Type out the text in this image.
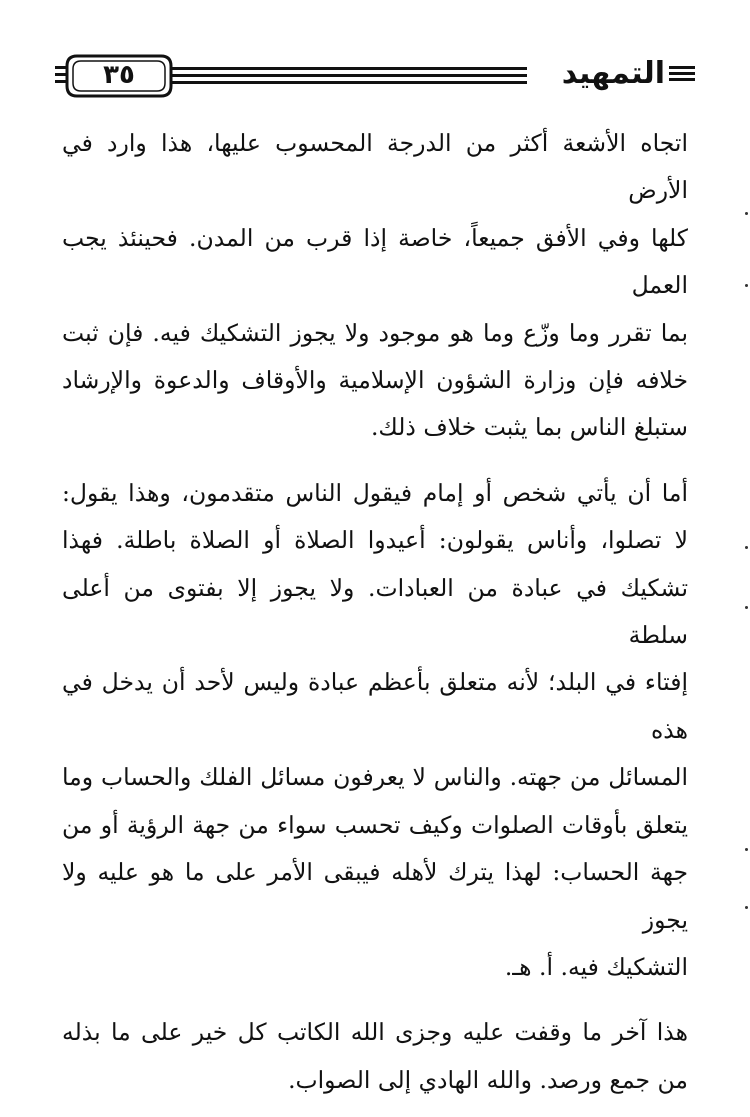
٣٥	التمهيد

اتجاه الأشعة أكثر من الدرجة المحسوب عليها، هذا وارد في الأرض
كلها وفي الأفق جميعاً، خاصة إذا قرب من المدن. فحينئذ يجب العمل
بما تقرر وما وزّع وما هو موجود ولا يجوز التشكيك فيه. فإن ثبت
خلافه فإن وزارة الشؤون الإسلامية والأوقاف والدعوة والإرشاد
ستبلغ الناس بما يثبت خلاف ذلك.

أما أن يأتي شخص أو إمام فيقول الناس متقدمون، وهذا يقول:
لا تصلوا، وأناس يقولون: أعيدوا الصلاة أو الصلاة باطلة. فهذا
تشكيك في عبادة من العبادات. ولا يجوز إلا بفتوى من أعلى سلطة
إفتاء في البلد؛ لأنه متعلق بأعظم عبادة وليس لأحد أن يدخل في هذه
المسائل من جهته. والناس لا يعرفون مسائل الفلك والحساب وما
يتعلق بأوقات الصلوات وكيف تحسب سواء من جهة الرؤية أو من
جهة الحساب: لهذا يترك لأهله فيبقى الأمر على ما هو عليه ولا يجوز
التشكيك فيه. أ. هـ.

هذا آخر ما وقفت عليه وجزى الله الكاتب كل خير على ما بذله
من جمع ورصد. والله الهادي إلى الصواب.
